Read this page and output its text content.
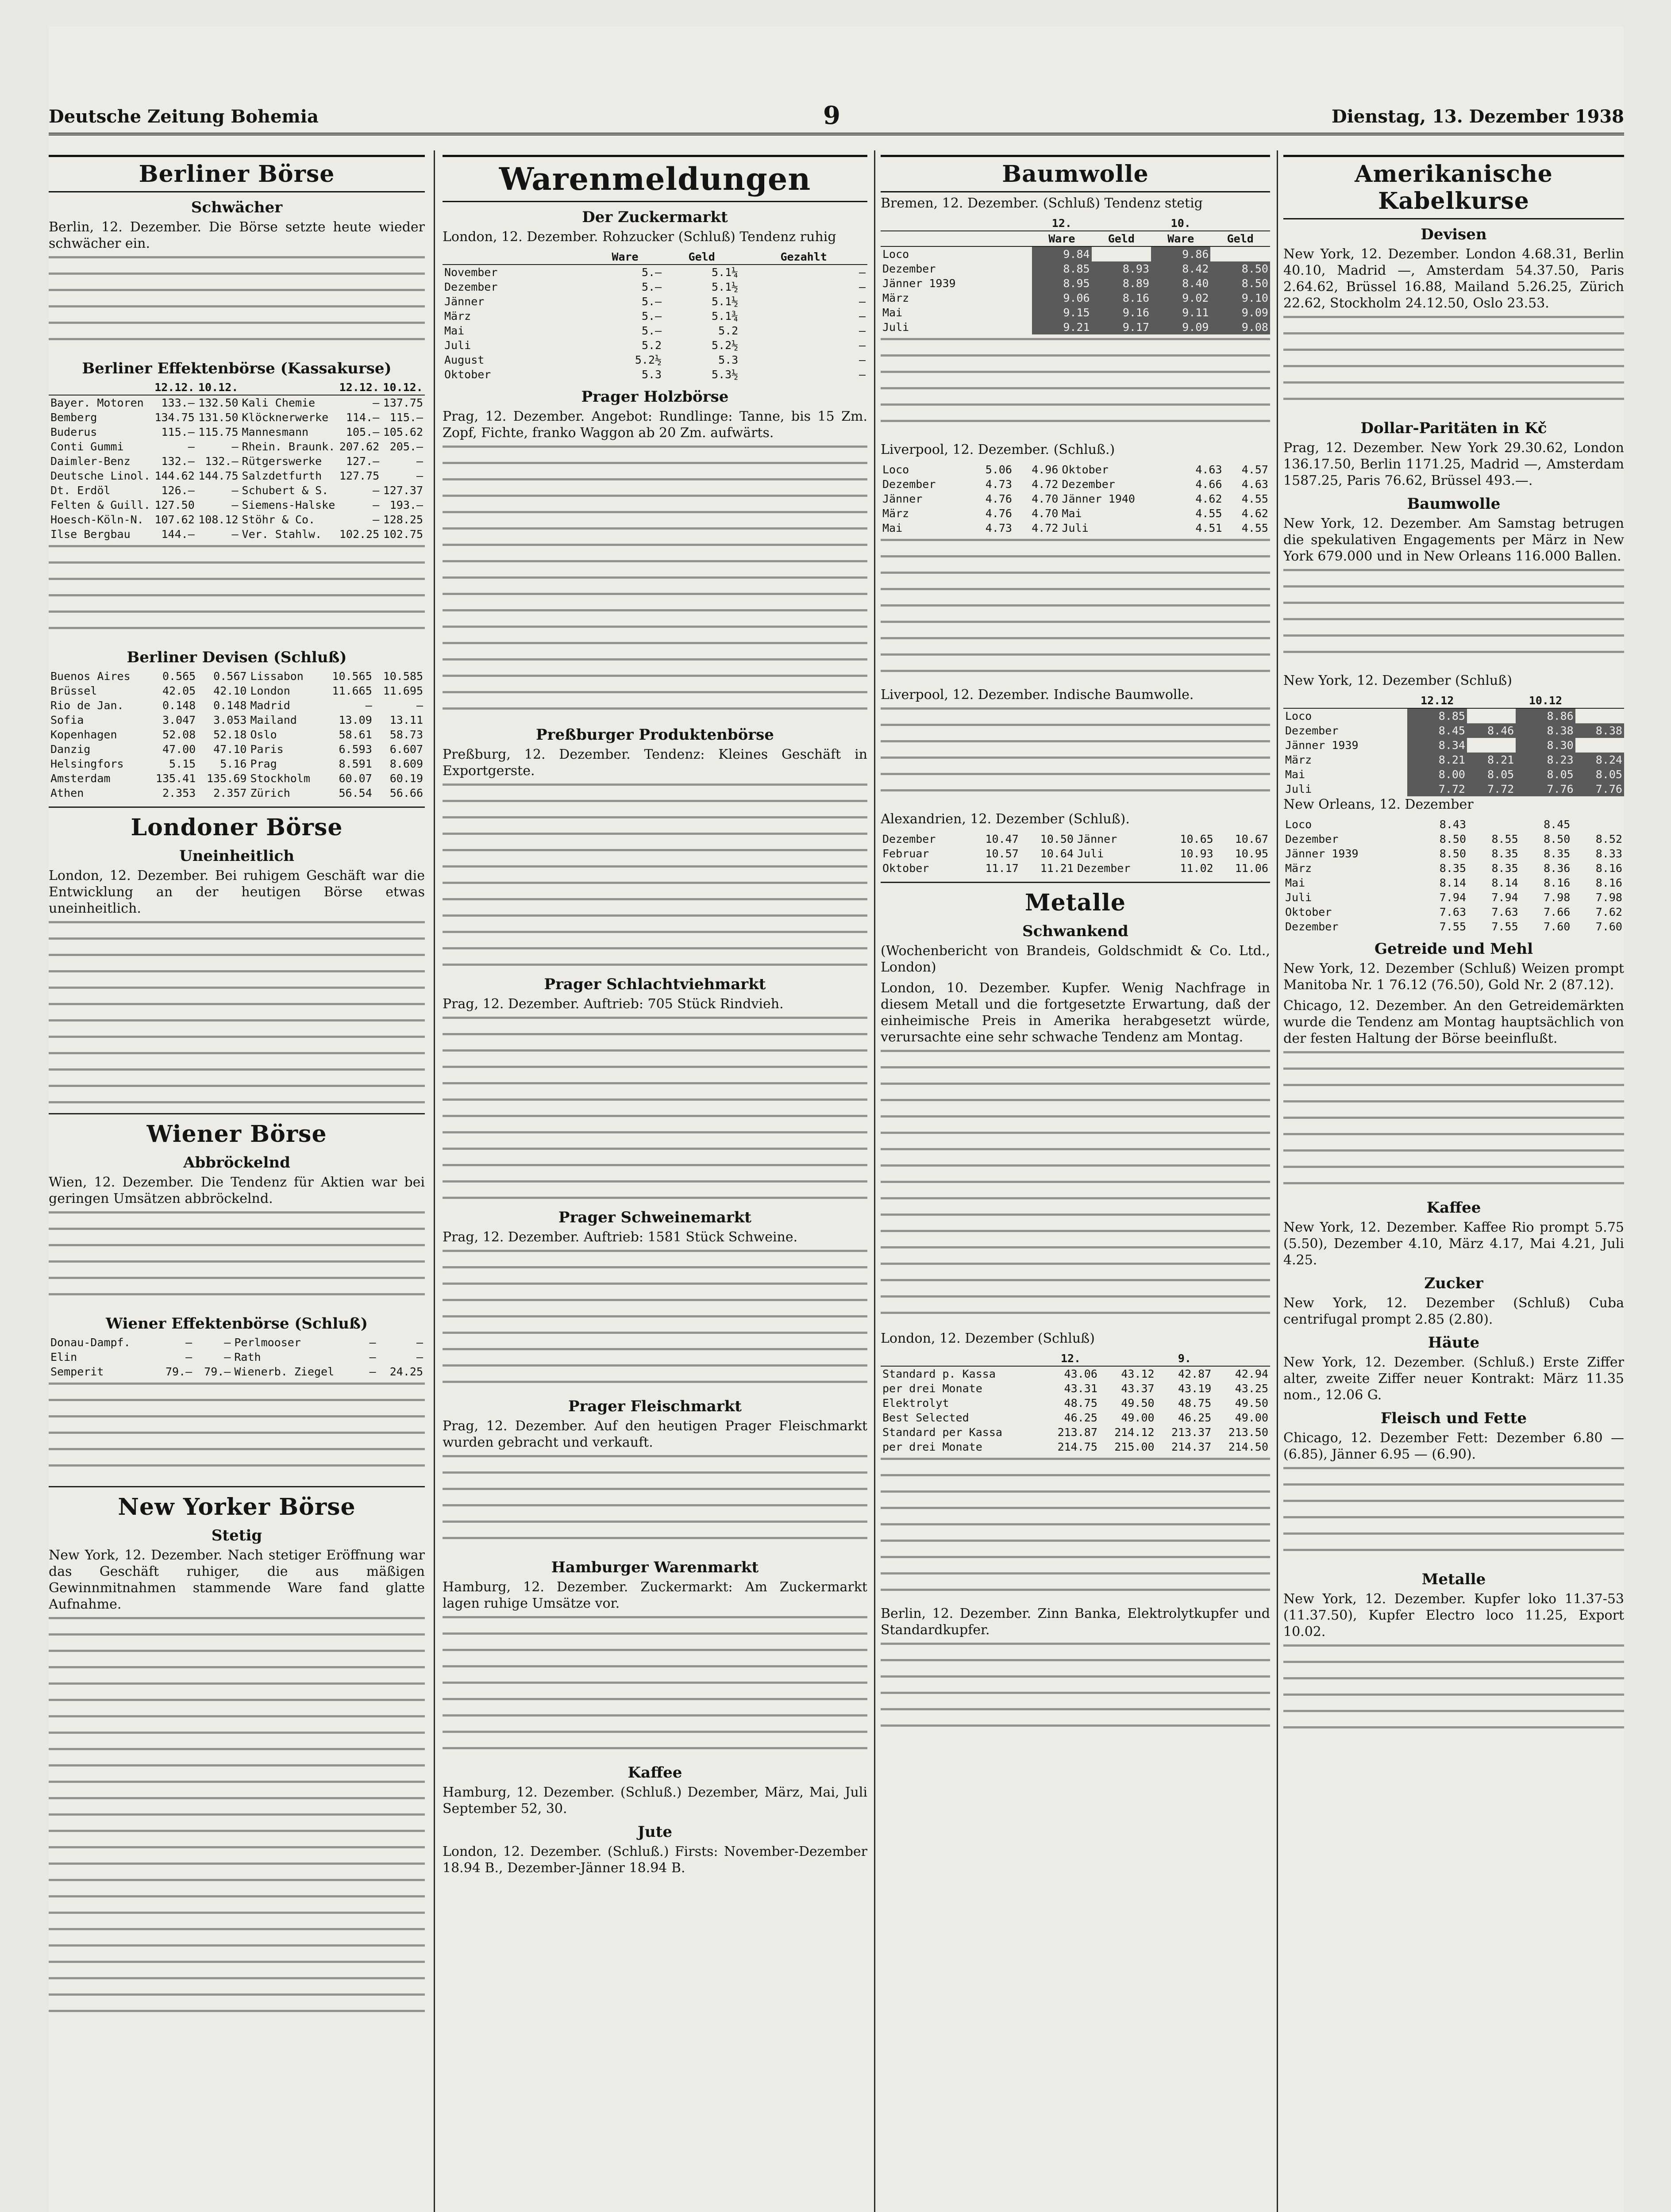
Deutsche Zeitung Bohemia	9	Dienstag, 13. Dezember 1938
Berliner Börse
Schwächer

Berlin, 12. Dezember. Die Börse setzte heute wieder schwächer ein.

Berliner Effektenbörse (Kassakurse)
	12.12.	10.12.		12.12.	10.12.
Bayer. Motoren	133.—	132.50	Kali Chemie	—	137.75
Bemberg	134.75	131.50	Klöcknerwerke	114.—	115.—
Buderus	115.—	115.75	Mannesmann	105.—	105.62
Conti Gummi	—	—	Rhein. Braunk.	207.62	205.—
Daimler-Benz	132.—	132.—	Rütgerswerke	127.—	—
Deutsche Linol.	144.62	144.75	Salzdetfurth	127.75	—
Dt. Erdöl	126.—	—	Schubert & S.	—	127.37
Felten & Guill.	127.50	—	Siemens-Halske	—	193.—
Hoesch-Köln-N.	107.62	108.12	Stöhr & Co.	—	128.25
Ilse Bergbau	144.—	—	Ver. Stahlw.	102.25	102.75
Berliner Devisen (Schluß)
Buenos Aires	0.565	0.567	Lissabon	10.565	10.585
Brüssel	42.05	42.10	London	11.665	11.695
Rio de Jan.	0.148	0.148	Madrid	—	—
Sofia	3.047	3.053	Mailand	13.09	13.11
Kopenhagen	52.08	52.18	Oslo	58.61	58.73
Danzig	47.00	47.10	Paris	6.593	6.607
Helsingfors	5.15	5.16	Prag	8.591	8.609
Amsterdam	135.41	135.69	Stockholm	60.07	60.19
Athen	2.353	2.357	Zürich	56.54	56.66
Londoner Börse
Uneinheitlich

London, 12. Dezember. Bei ruhigem Geschäft war die Entwicklung an der heutigen Börse etwas uneinheitlich.

Wiener Börse
Abbröckelnd

Wien, 12. Dezember. Die Tendenz für Aktien war bei geringen Umsätzen abbröckelnd.

Wiener Effektenbörse (Schluß)
Donau-Dampf.	—	—	Perlmooser	—	—
Elin	—	—	Rath	—	—
Semperit	79.—	79.—	Wienerb. Ziegel	—	24.25
New Yorker Börse
Stetig

New York, 12. Dezember. Nach stetiger Eröffnung war das Geschäft ruhiger, die aus mäßigen Gewinnmitnahmen stammende Ware fand glatte Aufnahme.

Warenmeldungen
Der Zuckermarkt

London, 12. Dezember. Rohzucker (Schluß) Tendenz ruhig

	Ware	Geld	Gezahlt
November	5.—	5.1¼	—
Dezember	5.—	5.1½	—
Jänner	5.—	5.1½	—
März	5.—	5.1¾	—
Mai	5.—	5.2	—
Juli	5.2	5.2½	—
August	5.2½	5.3	—
Oktober	5.3	5.3½	—
Prager Holzbörse

Prag, 12. Dezember. Angebot: Rundlinge: Tanne, bis 15 Zm. Zopf, Fichte, franko Waggon ab 20 Zm. aufwärts.

Preßburger Produktenbörse

Preßburg, 12. Dezember. Tendenz: Kleines Geschäft in Exportgerste.

Prager Schlachtviehmarkt

Prag, 12. Dezember. Auftrieb: 705 Stück Rindvieh.

Prager Schweinemarkt

Prag, 12. Dezember. Auftrieb: 1581 Stück Schweine.

Prager Fleischmarkt

Prag, 12. Dezember. Auf den heutigen Prager Fleischmarkt wurden gebracht und verkauft.

Hamburger Warenmarkt

Hamburg, 12. Dezember. Zuckermarkt: Am Zuckermarkt lagen ruhige Umsätze vor.

Kaffee

Hamburg, 12. Dezember. (Schluß.) Dezember, März, Mai, Juli September 52, 30.

Jute

London, 12. Dezember. (Schluß.) Firsts: November-Dezember 18.94 B., Dezember-Jänner 18.94 B.

Baumwolle

Bremen, 12. Dezember. (Schluß) Tendenz stetig

	12.		10.	
	Ware	Geld	Ware	Geld
Loco	9.84		9.86	
Dezember	8.85	8.93	8.42	8.50
Jänner 1939	8.95	8.89	8.40	8.50
März	9.06	8.16	9.02	9.10
Mai	9.15	9.16	9.11	9.09
Juli	9.21	9.17	9.09	9.08

Liverpool, 12. Dezember. (Schluß.)

Loco	5.06	4.96	Oktober	4.63	4.57
Dezember	4.73	4.72	Dezember	4.66	4.63
Jänner	4.76	4.70	Jänner 1940	4.62	4.55
März	4.76	4.70	Mai	4.55	4.62
Mai	4.73	4.72	Juli	4.51	4.55

Liverpool, 12. Dezember. Indische Baumwolle.

Alexandrien, 12. Dezember (Schluß).

Dezember	10.47	10.50	Jänner	10.65	10.67
Februar	10.57	10.64	Juli	10.93	10.95
Oktober	11.17	11.21	Dezember	11.02	11.06
Metalle
Schwankend

(Wochenbericht von Brandeis, Goldschmidt & Co. Ltd., London)

London, 10. Dezember. Kupfer. Wenig Nachfrage in diesem Metall und die fortgesetzte Erwartung, daß der einheimische Preis in Amerika herabgesetzt würde, verursachte eine sehr schwache Tendenz am Montag.

London, 12. Dezember (Schluß)

	12.		9.	
Standard p. Kassa	43.06	43.12	42.87	42.94
per drei Monate	43.31	43.37	43.19	43.25
Elektrolyt	48.75	49.50	48.75	49.50
Best Selected	46.25	49.00	46.25	49.00
Standard per Kassa	213.87	214.12	213.37	213.50
per drei Monate	214.75	215.00	214.37	214.50

Berlin, 12. Dezember. Zinn Banka, Elektrolytkupfer und Standardkupfer.

Amerikanische Kabelkurse
Devisen

New York, 12. Dezember. London 4.68.31, Berlin 40.10, Madrid —, Amsterdam 54.37.50, Paris 2.64.62, Brüssel 16.88, Mailand 5.26.25, Zürich 22.62, Stockholm 24.12.50, Oslo 23.53.

Dollar-Paritäten in Kč

Prag, 12. Dezember. New York 29.30.62, London 136.17.50, Berlin 1171.25, Madrid —, Amsterdam 1587.25, Paris 76.62, Brüssel 493.—.

Baumwolle

New York, 12. Dezember. Am Samstag betrugen die spekulativen Engagements per März in New York 679.000 und in New Orleans 116.000 Ballen.

New York, 12. Dezember (Schluß)

	12.12		10.12	
Loco	8.85		8.86	
Dezember	8.45	8.46	8.38	8.38
Jänner 1939	8.34		8.30	
März	8.21	8.21	8.23	8.24
Mai	8.00	8.05	8.05	8.05
Juli	7.72	7.72	7.76	7.76

New Orleans, 12. Dezember

Loco	8.43		8.45	
Dezember	8.50	8.55	8.50	8.52
Jänner 1939	8.50	8.35	8.35	8.33
März	8.35	8.35	8.36	8.16
Mai	8.14	8.14	8.16	8.16
Juli	7.94	7.94	7.98	7.98
Oktober	7.63	7.63	7.66	7.62
Dezember	7.55	7.55	7.60	7.60
Getreide und Mehl

New York, 12. Dezember (Schluß) Weizen prompt Manitoba Nr. 1 76.12 (76.50), Gold Nr. 2 (87.12).

Chicago, 12. Dezember. An den Getreidemärkten wurde die Tendenz am Montag hauptsächlich von der festen Haltung der Börse beeinflußt.

Kaffee

New York, 12. Dezember. Kaffee Rio prompt 5.75 (5.50), Dezember 4.10, März 4.17, Mai 4.21, Juli 4.25.

Zucker

New York, 12. Dezember (Schluß) Cuba centrifugal prompt 2.85 (2.80).

Häute

New York, 12. Dezember. (Schluß.) Erste Ziffer alter, zweite Ziffer neuer Kontrakt: März 11.35 nom., 12.06 G.

Fleisch und Fette

Chicago, 12. Dezember Fett: Dezember 6.80 — (6.85), Jänner 6.95 — (6.90).

Metalle

New York, 12. Dezember. Kupfer loko 11.37-53 (11.37.50), Kupfer Electro loco 11.25, Export 10.02.
